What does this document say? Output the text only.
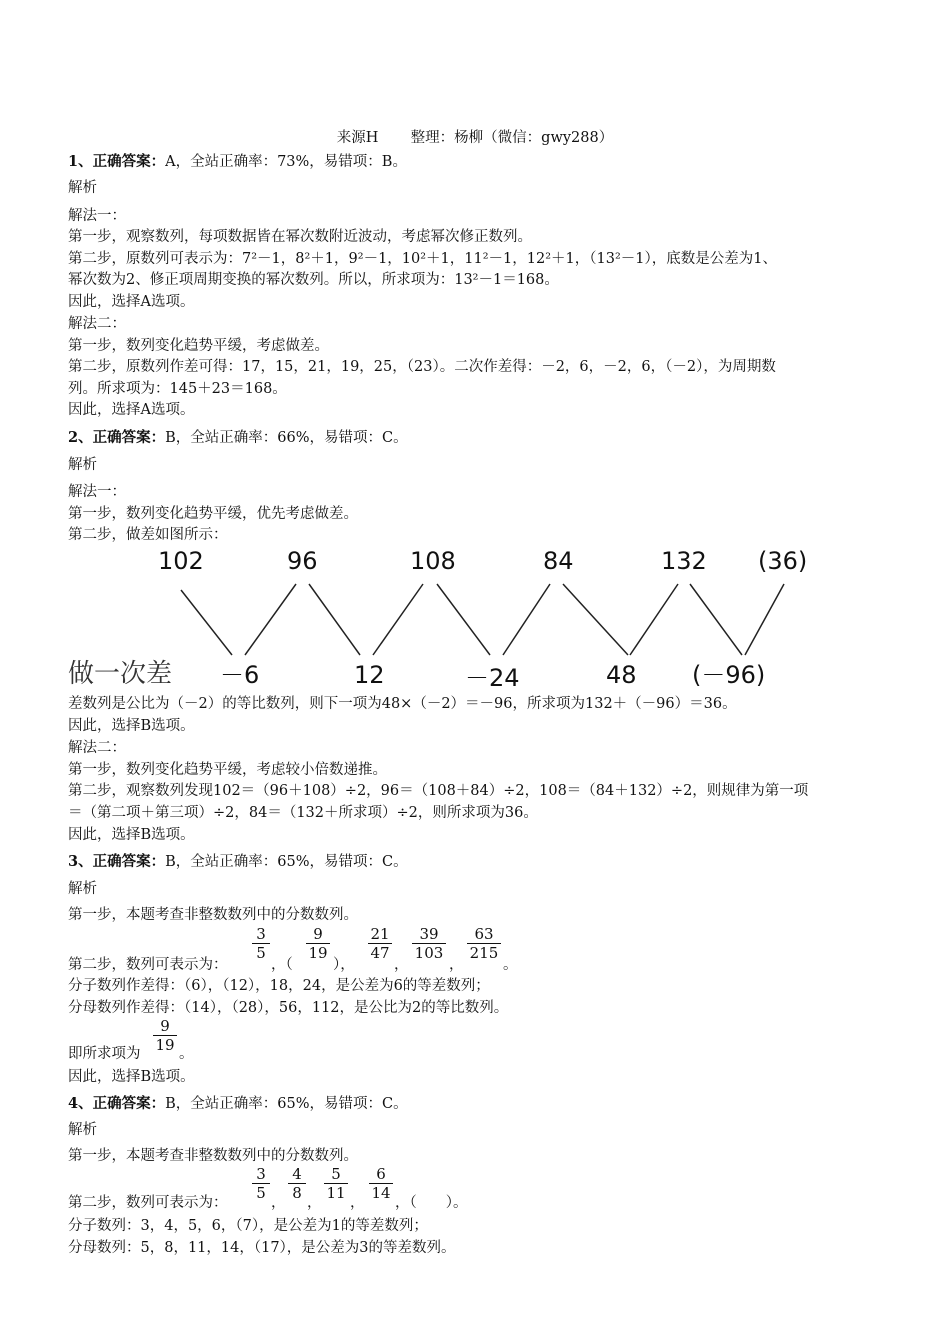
来源H 整理：杨柳（微信：gwy288）
1、正确答案：A，全站正确率：73%，易错项：B。
解析
解法一：
第一步，观察数列，每项数据皆在幂次数附近波动，考虑幂次修正数列。
第二步，原数列可表示为：7²－1，8²＋1，9²－1，10²＋1，11²－1，12²＋1，（13²－1），底数是公差为1、
幂次数为2、修正项周期变换的幂次数列。所以，所求项为：13²－1＝168。
因此，选择A选项。
解法二：
第一步，数列变化趋势平缓，考虑做差。
第二步，原数列作差可得：17，15，21，19，25，（23）。二次作差得：－2，6，－2，6，（－2），为周期数
列。所求项为：145＋23＝168。
因此，选择A选项。
2、正确答案：B，全站正确率：66%，易错项：C。
解析
解法一：
第一步，数列变化趋势平缓，优先考虑做差。
第二步，做差如图所示：
102	96	108	84	132 (36)
做一次差 －6	12	－24	48 (－96)
差数列是公比为（－2）的等比数列，则下一项为48×（－2）＝－96，所求项为132＋（－96）＝36。
因此，选择B选项。
解法二：
第一步，数列变化趋势平缓，考虑较小倍数递推。
第二步，观察数列发现102＝（96＋108）÷2，96＝（108＋84）÷2，108＝（84＋132）÷2，则规律为第一项
＝（第二项＋第三项）÷2，84＝（132＋所求项）÷2，则所求项为36。
因此，选择B选项。
3、正确答案：B，全站正确率：65%，易错项：C。
解析
第一步，本题考查非整数数列中的分数数列。
第二步，数列可表示为：
$\frac{3}{5}$
，（
$\frac{9}{19}$
），
$\frac{21}{47}$
，
$\frac{39}{103}$
，
$\frac{63}{215}$
。
分子数列作差得：（6），（12），18，24，是公差为6的等差数列；
分母数列作差得：（14），（28），56，112，是公比为2的等比数列。
即所求项为 $\frac{9}{19}$ 。
因此，选择B选项。
4、正确答案：B，全站正确率：65%，易错项：C。
解析
第一步，本题考查非整数数列中的分数数列。
第二步，数列可表示为：
$\frac{3}{5}$
，
$\frac{4}{8}$
，
$\frac{5}{11}$
，
$\frac{6}{14}$
，（　　）。
分子数列：3，4，5，6，（7），是公差为1的等差数列；
分母数列：5，8，11，14，（17），是公差为3的等差数列。
